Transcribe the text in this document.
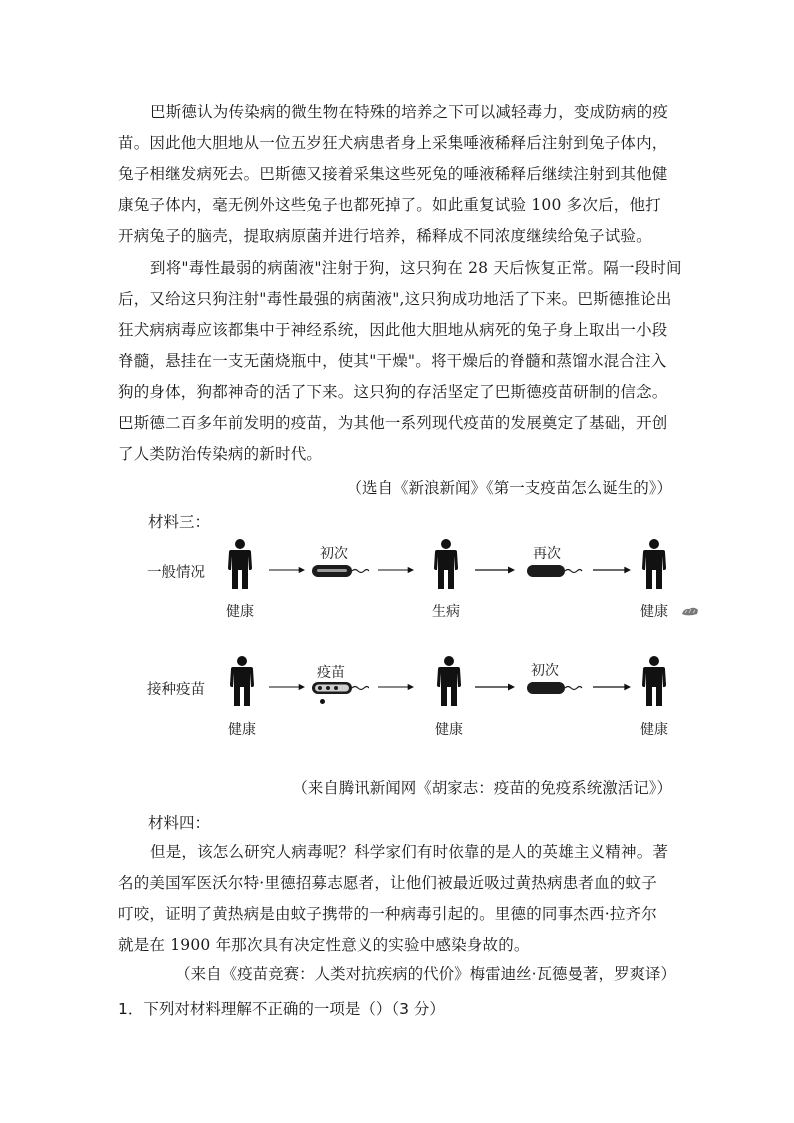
巴斯德认为传染病的微生物在特殊的培养之下可以减轻毒力，变成防病的疫
苗。因此他大胆地从一位五岁狂犬病患者身上采集唾液稀释后注射到兔子体内，
兔子相继发病死去。巴斯德又接着采集这些死兔的唾液稀释后继续注射到其他健
康兔子体内，毫无例外这些兔子也都死掉了。如此重复试验 100 多次后，他打
开病兔子的脑壳，提取病原菌并进行培养，稀释成不同浓度继续给兔子试验。
到将"毒性最弱的病菌液"注射于狗，这只狗在 28 天后恢复正常。隔一段时间
后，又给这只狗注射"毒性最强的病菌液",这只狗成功地活了下来。巴斯德推论出
狂犬病病毒应该都集中于神经系统，因此他大胆地从病死的兔子身上取出一小段
脊髓，悬挂在一支无菌烧瓶中，使其"干燥"。将干燥后的脊髓和蒸馏水混合注入
狗的身体，狗都神奇的活了下来。这只狗的存活坚定了巴斯德疫苗研制的信念。
巴斯德二百多年前发明的疫苗，为其他一系列现代疫苗的发展奠定了基础，开创
了人类防治传染病的新时代。
（选自《新浪新闻》《第一支疫苗怎么诞生的》）
材料三：
一般情况
健康
初次
生病
再次
健康
接种疫苗
健康
疫苗
健康
初次
健康
（来自腾讯新闻网《胡家志：疫苗的免疫系统激活记》）
材料四：
但是，该怎么研究人病毒呢？科学家们有时依靠的是人的英雄主义精神。著
名的美国军医沃尔特·里德招募志愿者，让他们被最近吸过黄热病患者血的蚊子
叮咬，证明了黄热病是由蚊子携带的一种病毒引起的。里德的同事杰西·拉齐尔
就是在 1900 年那次具有决定性意义的实验中感染身故的。
（来自《疫苗竞赛：人类对抗疾病的代价》梅雷迪丝·瓦德曼著，罗爽译）
1．下列对材料理解不正确的一项是（）（3 分）
